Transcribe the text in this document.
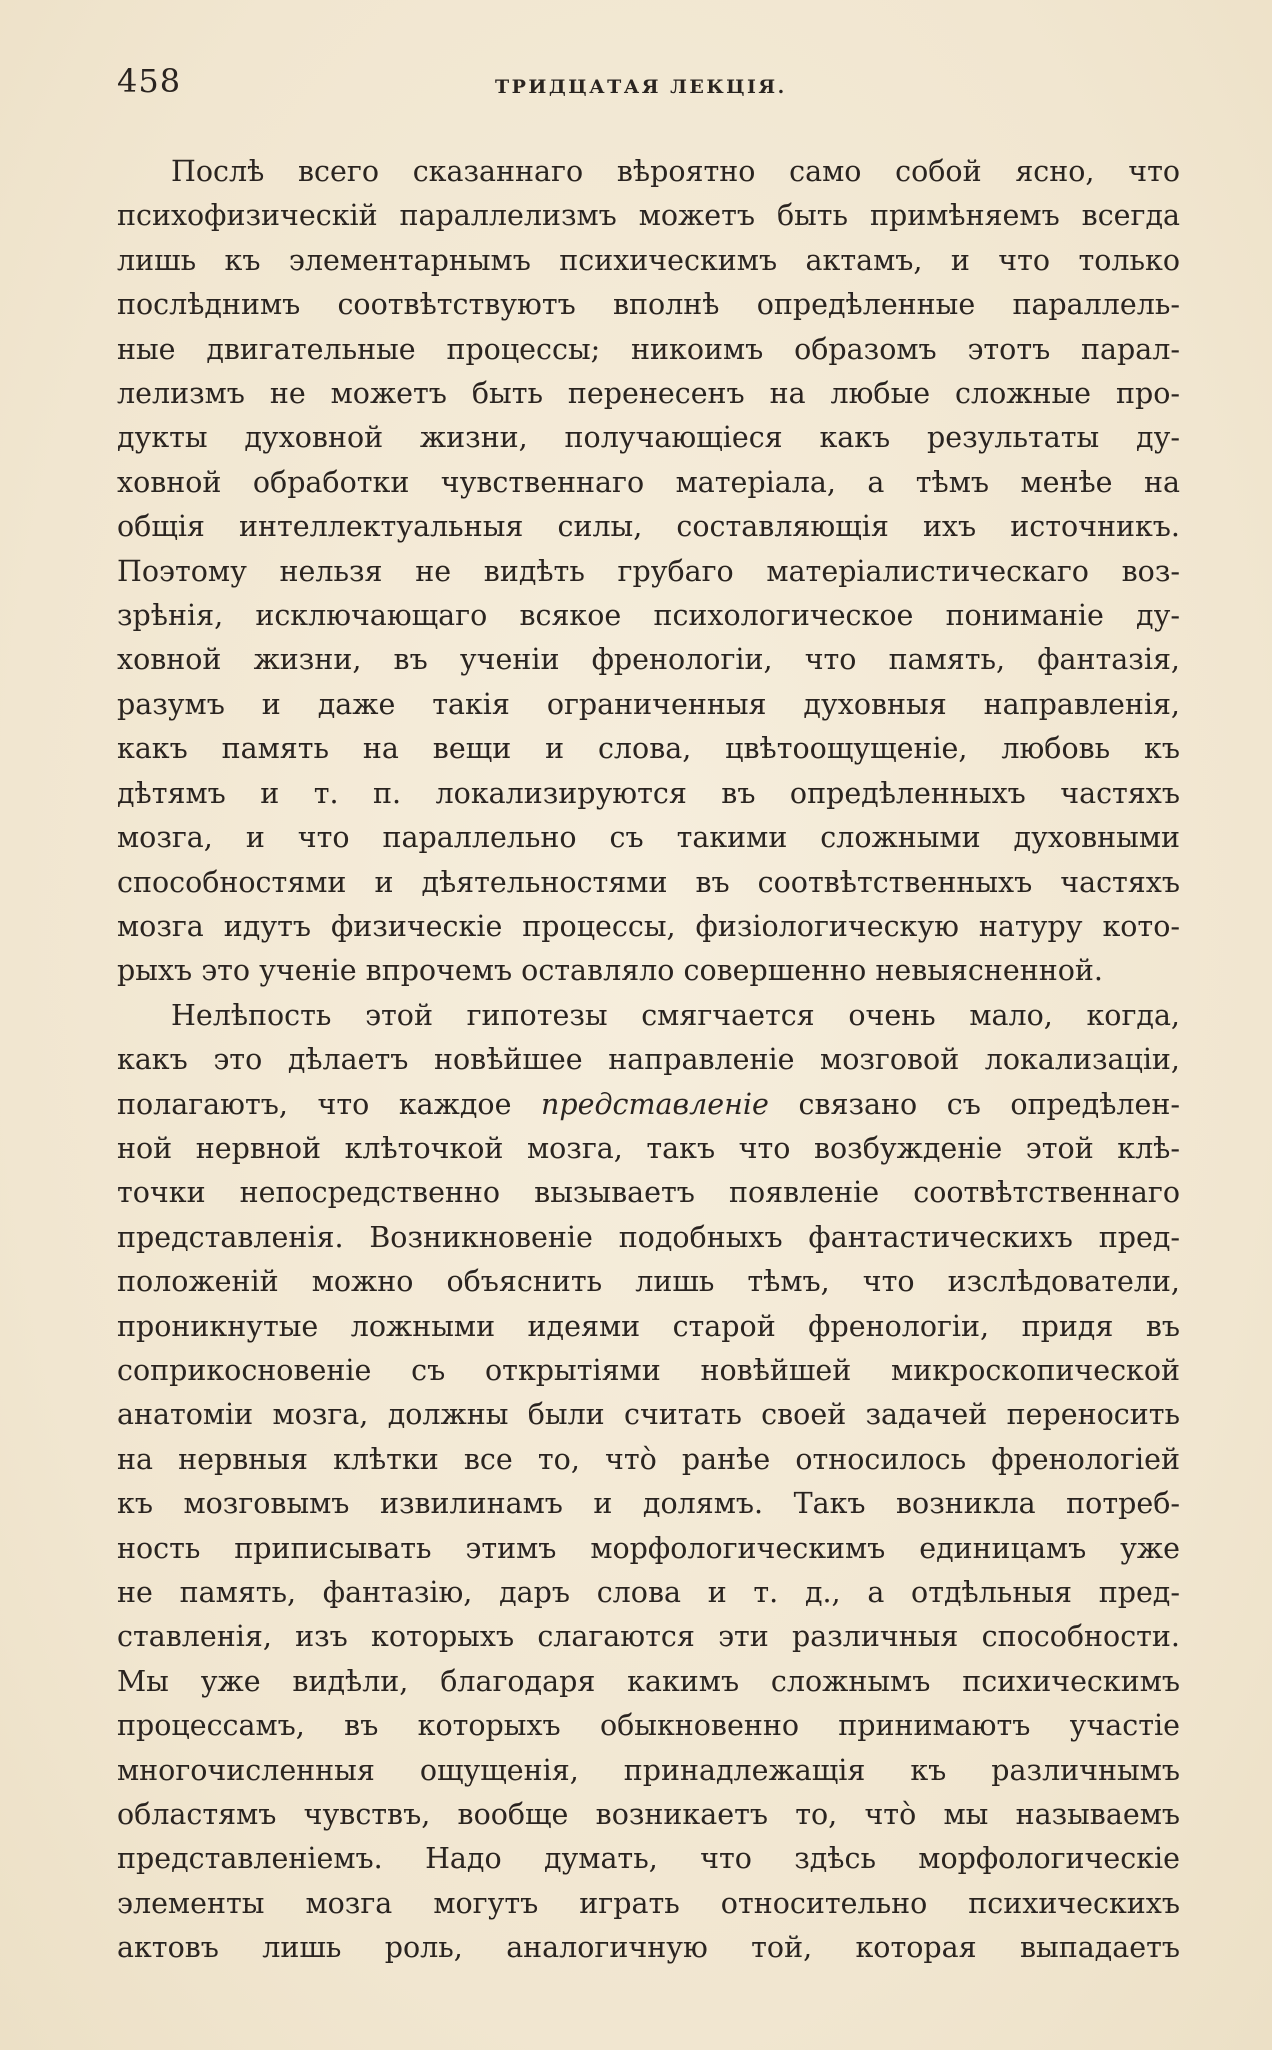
458	ТРИДЦАТАЯ ЛЕКЦІЯ.

Послѣ всего сказаннаго вѣроятно само собой ясно, что
психофизическій параллелизмъ можетъ быть примѣняемъ всегда
лишь къ элементарнымъ психическимъ актамъ, и что только
послѣднимъ соотвѣтствуютъ вполнѣ опредѣленные параллель-
ные двигательные процессы; никоимъ образомъ этотъ парал-
лелизмъ не можетъ быть перенесенъ на любые сложные про-
дукты духовной жизни, получающіеся какъ результаты ду-
ховной обработки чувственнаго матеріала, а тѣмъ менѣе на
общія интеллектуальныя силы, составляющія ихъ источникъ.
Поэтому нельзя не видѣть грубаго матеріалистическаго воз-
зрѣнія, исключающаго всякое психологическое пониманіе ду-
ховной жизни, въ ученіи френологіи, что память, фантазія,
разумъ и даже такія ограниченныя духовныя направленія,
какъ память на вещи и слова, цвѣтоощущеніе, любовь къ
дѣтямъ и т. п. локализируются въ опредѣленныхъ частяхъ
мозга, и что параллельно съ такими сложными духовными
способностями и дѣятельностями въ соотвѣтственныхъ частяхъ
мозга идутъ физическіе процессы, физіологическую натуру кото-
рыхъ это ученіе впрочемъ оставляло совершенно невыясненной.

Нелѣпость этой гипотезы смягчается очень мало, когда,
какъ это дѣлаетъ новѣйшее направленіе мозговой локализаціи,
полагаютъ, что каждое представленіе связано съ опредѣлен-
ной нервной клѣточкой мозга, такъ что возбужденіе этой клѣ-
точки непосредственно вызываетъ появленіе соотвѣтственнаго
представленія. Возникновеніе подобныхъ фантастическихъ пред-
положеній можно объяснить лишь тѣмъ, что изслѣдователи,
проникнутые ложными идеями старой френологіи, придя въ
соприкосновеніе съ открытіями новѣйшей микроскопической
анатоміи мозга, должны были считать своей задачей переносить
на нервныя клѣтки все то, что̀ ранѣе относилось френологіей
къ мозговымъ извилинамъ и долямъ. Такъ возникла потреб-
ность приписывать этимъ морфологическимъ единицамъ уже
не память, фантазію, даръ слова и т. д., а отдѣльныя пред-
ставленія, изъ которыхъ слагаются эти различныя способности.
Мы уже видѣли, благодаря какимъ сложнымъ психическимъ
процессамъ, въ которыхъ обыкновенно принимаютъ участіе
многочисленныя ощущенія, принадлежащія къ различнымъ
областямъ чувствъ, вообще возникаетъ то, что̀ мы называемъ
представленіемъ. Надо думать, что здѣсь морфологическіе
элементы мозга могутъ играть относительно психическихъ
актовъ лишь роль, аналогичную той, которая выпадаетъ
